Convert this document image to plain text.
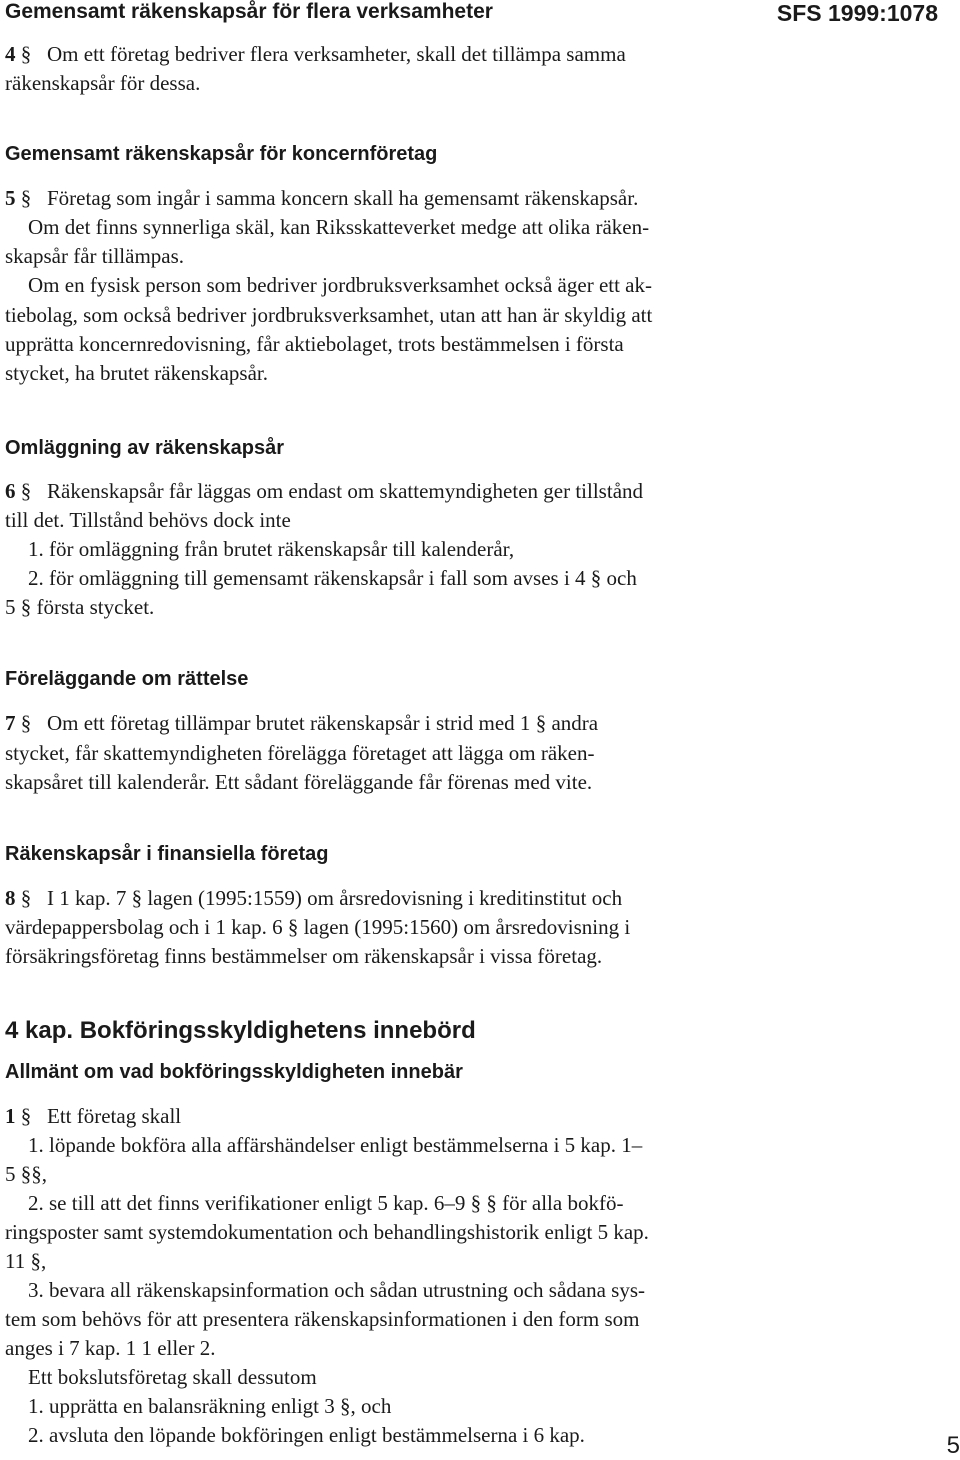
Gemensamt räkenskapsår för flera verksamheter	SFS 1999:1078
4 § Om ett företag bedriver flera verksamheter, skall det tillämpa samma
räkenskapsår för dessa.
Gemensamt räkenskapsår för koncernföretag
5 § Företag som ingår i samma koncern skall ha gemensamt räkenskapsår.
Om det finns synnerliga skäl, kan Riksskatteverket medge att olika räken-
skapsår får tillämpas.
Om en fysisk person som bedriver jordbruksverksamhet också äger ett ak-
tiebolag, som också bedriver jordbruksverksamhet, utan att han är skyldig att
upprätta koncernredovisning, får aktiebolaget, trots bestämmelsen i första
stycket, ha brutet räkenskapsår.
Omläggning av räkenskapsår
6 § Räkenskapsår får läggas om endast om skattemyndigheten ger tillstånd
till det. Tillstånd behövs dock inte
1. för omläggning från brutet räkenskapsår till kalenderår,
2. för omläggning till gemensamt räkenskapsår i fall som avses i 4 § och
5 § första stycket.
Föreläggande om rättelse
7 § Om ett företag tillämpar brutet räkenskapsår i strid med 1 § andra
stycket, får skattemyndigheten förelägga företaget att lägga om räken-
skapsåret till kalenderår. Ett sådant föreläggande får förenas med vite.
Räkenskapsår i finansiella företag
8 § I 1 kap. 7 § lagen (1995:1559) om årsredovisning i kreditinstitut och
värdepappersbolag och i 1 kap. 6 § lagen (1995:1560) om årsredovisning i
försäkringsföretag finns bestämmelser om räkenskapsår i vissa företag.
4 kap. Bokföringsskyldighetens innebörd
Allmänt om vad bokföringsskyldigheten innebär
1 § Ett företag skall
1. löpande bokföra alla affärshändelser enligt bestämmelserna i 5 kap. 1–
5 §§,
2. se till att det finns verifikationer enligt 5 kap. 6–9 § § för alla bokfö-
ringsposter samt systemdokumentation och behandlingshistorik enligt 5 kap.
11 §,
3. bevara all räkenskapsinformation och sådan utrustning och sådana sys-
tem som behövs för att presentera räkenskapsinformationen i den form som
anges i 7 kap. 1 1 eller 2.
Ett bokslutsföretag skall dessutom
1. upprätta en balansräkning enligt 3 §, och
2. avsluta den löpande bokföringen enligt bestämmelserna i 6 kap.	5
